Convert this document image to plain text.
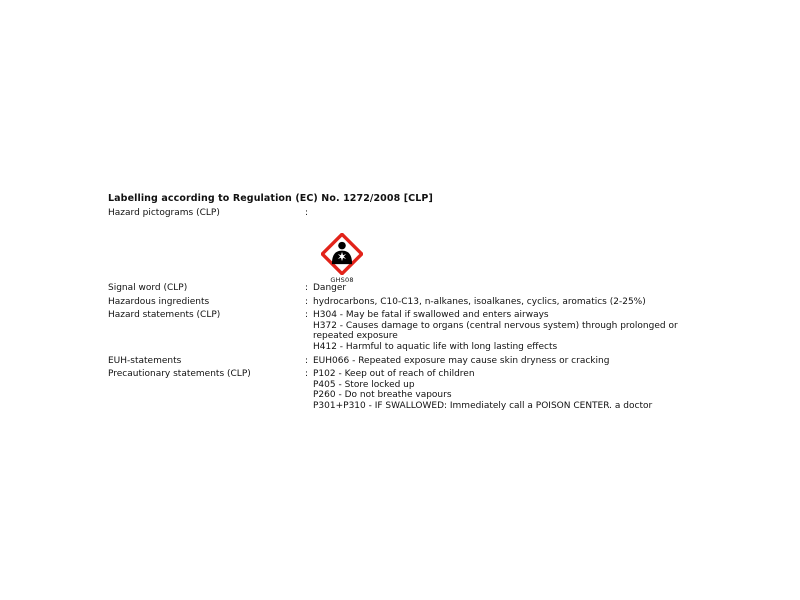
Labelling according to Regulation (EC) No. 1272/2008 [CLP]
Hazard pictograms (CLP)	:
GHS08
Signal word (CLP)	: Danger
Hazardous ingredients	: hydrocarbons, C10-C13, n-alkanes, isoalkanes, cyclics, aromatics (2-25%)
Hazard statements (CLP)	: H304 - May be fatal if swallowed and enters airways
H372 - Causes damage to organs (central nervous system) through prolonged or repeated exposure
H412 - Harmful to aquatic life with long lasting effects
EUH-statements	: EUH066 - Repeated exposure may cause skin dryness or cracking
Precautionary statements (CLP)	: P102 - Keep out of reach of children
P405 - Store locked up
P260 - Do not breathe vapours
P301+P310 - IF SWALLOWED: Immediately call a POISON CENTER. a doctor
